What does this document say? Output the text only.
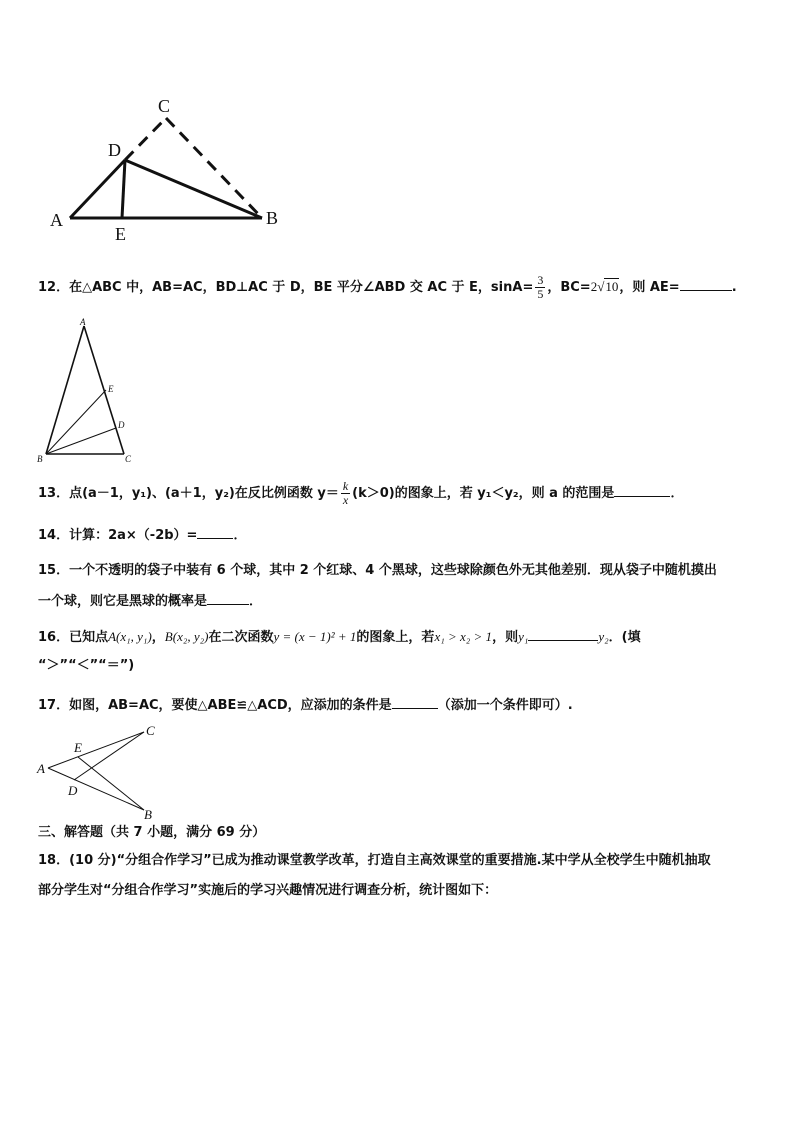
C
D
A	B
E
12．在△ABC 中，AB=AC，BD⊥AC 于 D，BE 平分∠ABD 交 AC 于 E，$\sin A= \frac{3}{5}$ ，BC=2√10，则 AE=	.
A
E
D
B	C
13．点(a－1，y₁)、(a＋1，y₂)在反比例函数 $y= \frac{k}{x} (k>0)$的图象上，若 y₁＜y₂，则 a 的范围是	．
14．计算：2a×（-2b）=	．
15．一个不透明的袋子中装有 6 个球，其中 2 个红球、4 个黑球，这些球除颜色外无其他差别．现从袋子中随机摸出
一个球，则它是黑球的概率是	．
16．已知点A(x₁, y₁)，B(x₂, y₂)在二次函数y = (x − 1)² + 1的图象上，若x₁ > x₂ > 1，则y₁	y₂．(填
“＞”“＜”“＝”)
17．如图，AB=AC，要使△ABE≌△ACD，应添加的条件是	（添加一个条件即可）.
C
E
A
D
B
三、解答题（共 7 小题，满分 69 分）
18．(10 分)“分组合作学习”已成为推动课堂教学改革，打造自主高效课堂的重要措施.某中学从全校学生中随机抽取
部分学生对“分组合作学习”实施后的学习兴趣情况进行调查分析，统计图如下：
